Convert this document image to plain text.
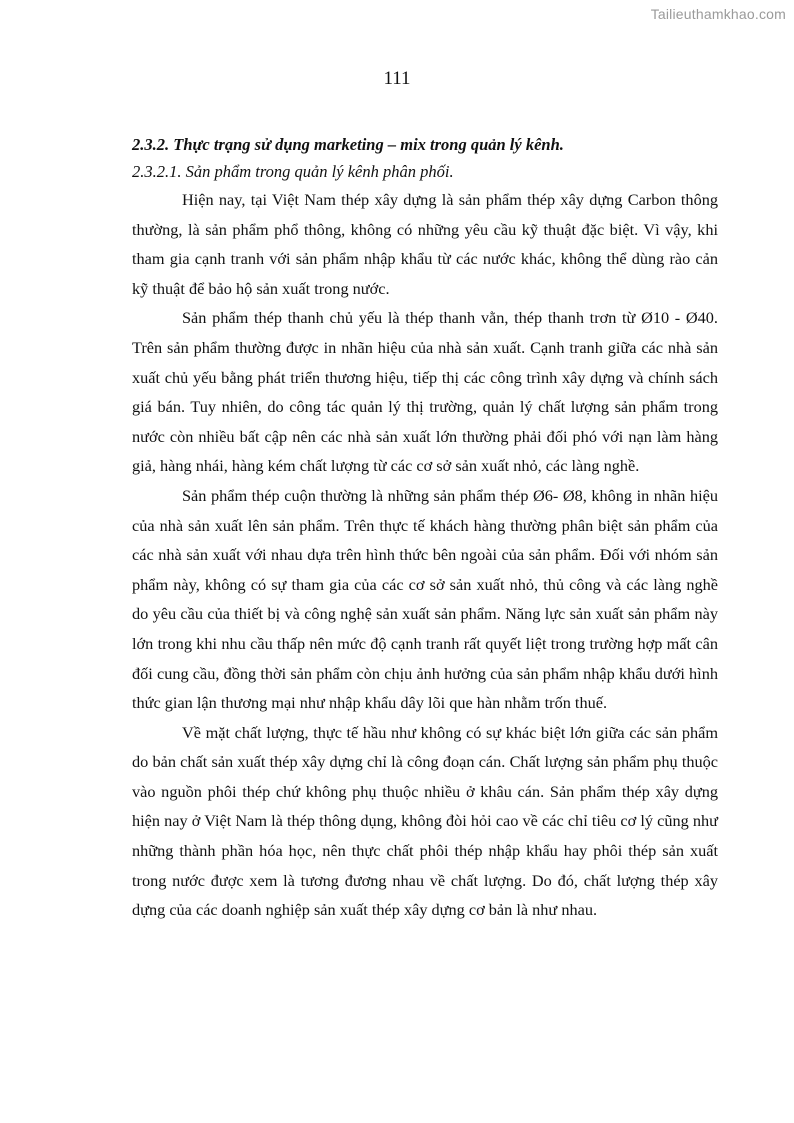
Tailieuthamkhao.com
111

2.3.2. Thực trạng sử dụng marketing – mix trong quản lý kênh.

2.3.2.1. Sản phẩm trong quản lý kênh phân phối.

Hiện nay, tại Việt Nam thép xây dựng là sản phẩm thép xây dựng Carbon thông thường, là sản phẩm phổ thông, không có những yêu cầu kỹ thuật đặc biệt. Vì vậy, khi tham gia cạnh tranh với sản phẩm nhập khẩu từ các nước khác, không thể dùng rào cản kỹ thuật để bảo hộ sản xuất trong nước.

Sản phẩm thép thanh chủ yếu là thép thanh vằn, thép thanh trơn từ Ø10 - Ø40. Trên sản phẩm thường được in nhãn hiệu của nhà sản xuất. Cạnh tranh giữa các nhà sản xuất chủ yếu bằng phát triển thương hiệu, tiếp thị các công trình xây dựng và chính sách giá bán. Tuy nhiên, do công tác quản lý thị trường, quản lý chất lượng sản phẩm trong nước còn nhiều bất cập nên các nhà sản xuất lớn thường phải đối phó với nạn làm hàng giả, hàng nhái, hàng kém chất lượng từ các cơ sở sản xuất nhỏ, các làng nghề.

Sản phẩm thép cuộn thường là những sản phẩm thép Ø6- Ø8, không in nhãn hiệu của nhà sản xuất lên sản phẩm. Trên thực tế khách hàng thường phân biệt sản phẩm của các nhà sản xuất với nhau dựa trên hình thức bên ngoài của sản phẩm. Đối với nhóm sản phẩm này, không có sự tham gia của các cơ sở sản xuất nhỏ, thủ công và các làng nghề do yêu cầu của thiết bị và công nghệ sản xuất sản phẩm. Năng lực sản xuất sản phẩm này lớn trong khi nhu cầu thấp nên mức độ cạnh tranh rất quyết liệt trong trường hợp mất cân đối cung cầu, đồng thời sản phẩm còn chịu ảnh hưởng của sản phẩm nhập khẩu dưới hình thức gian lận thương mại như nhập khẩu dây lõi que hàn nhằm trốn thuế.

Về mặt chất lượng, thực tế hầu như không có sự khác biệt lớn giữa các sản phẩm do bản chất sản xuất thép xây dựng chỉ là công đoạn cán. Chất lượng sản phẩm phụ thuộc vào nguồn phôi thép chứ không phụ thuộc nhiều ở khâu cán. Sản phẩm thép xây dựng hiện nay ở Việt Nam là thép thông dụng, không đòi hỏi cao về các chỉ tiêu cơ lý cũng như những thành phần hóa học, nên thực chất phôi thép nhập khẩu hay phôi thép sản xuất trong nước được xem là tương đương nhau về chất lượng. Do đó, chất lượng thép xây dựng của các doanh nghiệp sản xuất thép xây dựng cơ bản là như nhau.
